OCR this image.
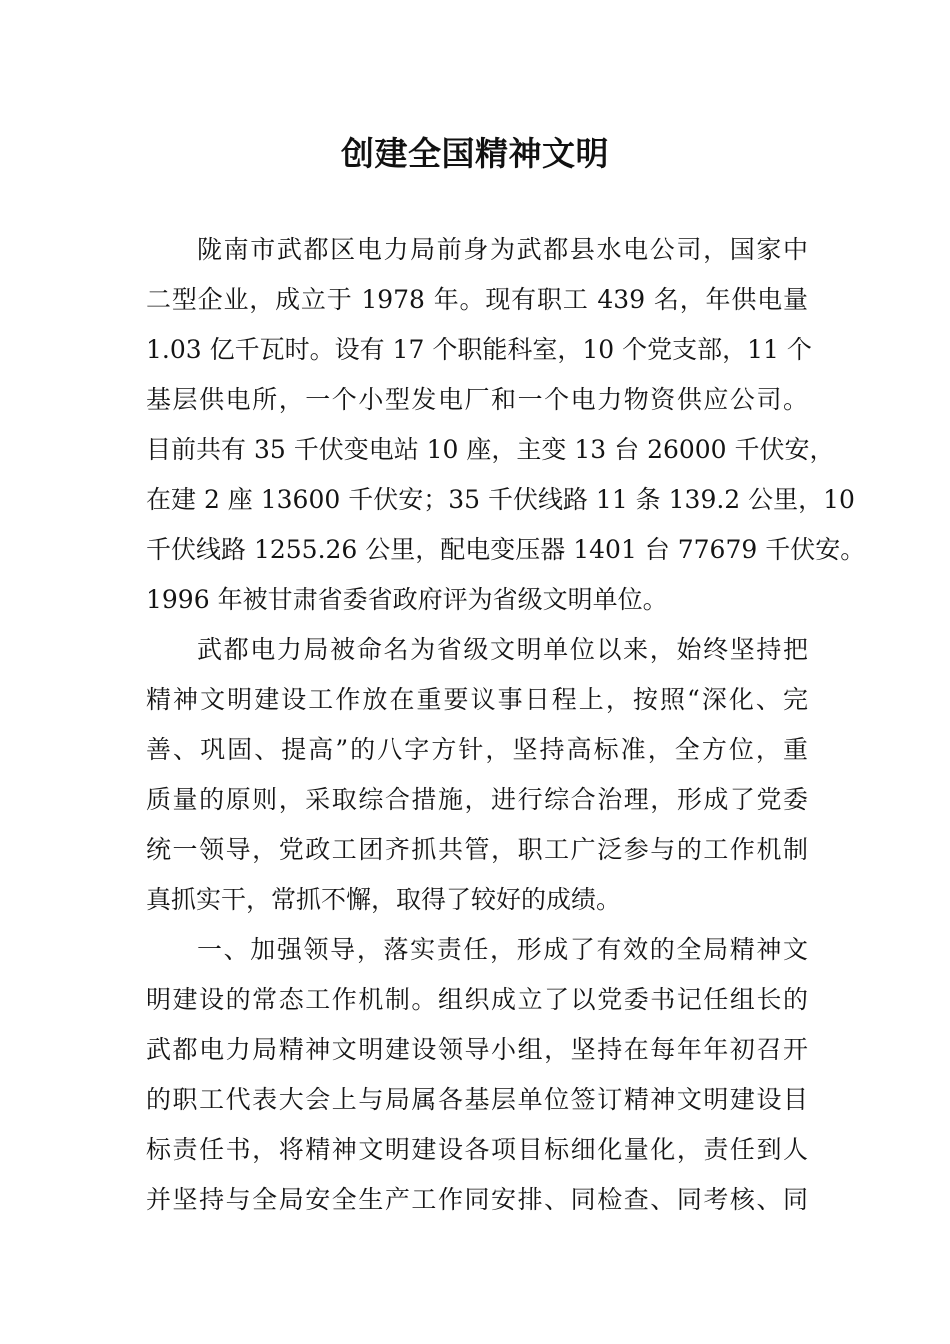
创建全国精神文明
陇南市武都区电力局前身为武都县水电公司，国家中
二型企业，成立于 1978 年。现有职工 439 名，年供电量
1.03 亿千瓦时。设有 17 个职能科室，10 个党支部，11 个
基层供电所，一个小型发电厂和一个电力物资供应公司。
目前共有 35 千伏变电站 10 座，主变 13 台 26000 千伏安，
在建 2 座 13600 千伏安；35 千伏线路 11 条 139.2 公里，10
千伏线路 1255.26 公里，配电变压器 1401 台 77679 千伏安。
1996 年被甘肃省委省政府评为省级文明单位。
武都电力局被命名为省级文明单位以来，始终坚持把
精神文明建设工作放在重要议事日程上，按照“深化、完
善、巩固、提高”的八字方针，坚持高标准，全方位，重
质量的原则，采取综合措施，进行综合治理，形成了党委
统一领导，党政工团齐抓共管，职工广泛参与的工作机制
真抓实干，常抓不懈，取得了较好的成绩。
一、加强领导，落实责任，形成了有效的全局精神文
明建设的常态工作机制。组织成立了以党委书记任组长的
武都电力局精神文明建设领导小组，坚持在每年年初召开
的职工代表大会上与局属各基层单位签订精神文明建设目
标责任书，将精神文明建设各项目标细化量化，责任到人
并坚持与全局安全生产工作同安排、同检查、同考核、同
